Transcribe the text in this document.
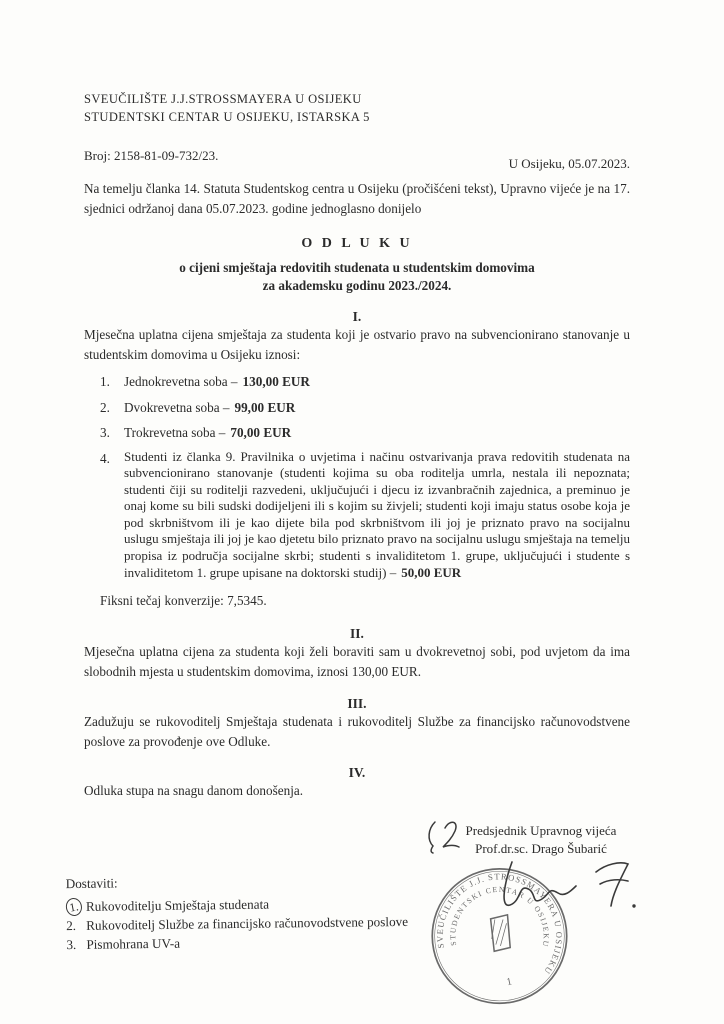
SVEUČILIŠTE J.J.STROSSMAYERA U OSIJEKU
STUDENTSKI CENTAR U OSIJEKU, ISTARSKA 5
Broj: 2158-81-09-732/23.
U Osijeku, 05.07.2023.

Na temelju članka 14. Statuta Studentskog centra u Osijeku (pročišćeni tekst), Upravno vijeće je na 17. sjednici održanoj dana 05.07.2023. godine jednoglasno donijelo

O D L U K U
o cijeni smještaja redovitih studenata u studentskim domovima
za akademsku godinu 2023./2024.
I.

Mjesečna uplatna cijena smještaja za studenta koji je ostvario pravo na subvencionirano stanovanje u studentskim domovima u Osijeku iznosi:

1.	Jednokrevetna soba – 130,00 EUR
2.	Dvokrevetna soba – 99,00 EUR
3.	Trokrevetna soba – 70,00 EUR
4.	Studenti iz članka 9. Pravilnika o uvjetima i načinu ostvarivanja prava redovitih studenata na subvencionirano stanovanje (studenti kojima su oba roditelja umrla, nestala ili nepoznata; studenti čiji su roditelji razvedeni, uključujući i djecu iz izvanbračnih zajednica, a preminuo je onaj kome su bili sudski dodijeljeni ili s kojim su živjeli; studenti koji imaju status osobe koja je pod skrbništvom ili je kao dijete bila pod skrbništvom ili joj je priznato pravo na socijalnu uslugu smještaja ili joj je kao djetetu bilo priznato pravo na socijalnu uslugu smještaja na temelju propisa iz područja socijalne skrbi; studenti s invaliditetom 1. grupe, uključujući i studente s invaliditetom 1. grupe upisane na doktorski studij) – 50,00 EUR
Fiksni tečaj konverzije: 7,5345.
II.

Mjesečna uplatna cijena za studenta koji želi boraviti sam u dvokrevetnoj sobi, pod uvjetom da ima slobodnih mjesta u studentskim domovima, iznosi 130,00 EUR.

III.

Zadužuju se rukovoditelj Smještaja studenata i rukovoditelj Službe za financijsko računovodstvene poslove za provođenje ove Odluke.

IV.

Odluka stupa na snagu danom donošenja.

Predsjednik Upravnog vijeća
Prof.dr.sc. Drago Šubarić
SVEUČILIŠTE J.J. STROSSMAYERA U OSIJEKU
STUDENTSKI CENTAR U OSIJEKU
1
Dostaviti:
1. Rukovoditelju Smještaja studenata
2. Rukovoditelj Službe za financijsko računovodstvene poslove
3. Pismohrana UV-a
